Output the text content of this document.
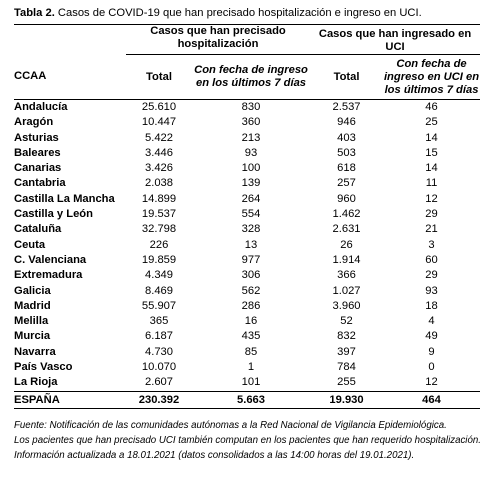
Tabla 2. Casos de COVID-19 que han precisado hospitalización e ingreso en UCI.
	Casos que han precisado hospitalización		Casos que han ingresado en UCI	
CCAA	Total	Con fecha de ingreso en los últimos 7 días	Total	Con fecha de ingreso en UCI en los últimos 7 días
Andalucía	25.610	830	2.537	46
Aragón	10.447	360	946	25
Asturias	5.422	213	403	14
Baleares	3.446	93	503	15
Canarias	3.426	100	618	14
Cantabria	2.038	139	257	11
Castilla La Mancha	14.899	264	960	12
Castilla y León	19.537	554	1.462	29
Cataluña	32.798	328	2.631	21
Ceuta	226	13	26	3
C. Valenciana	19.859	977	1.914	60
Extremadura	4.349	306	366	29
Galicia	8.469	562	1.027	93
Madrid	55.907	286	3.960	18
Melilla	365	16	52	4
Murcia	6.187	435	832	49
Navarra	4.730	85	397	9
País Vasco	10.070	1	784	0
La Rioja	2.607	101	255	12
ESPAÑA	230.392	5.663	19.930	464
Fuente: Notificación de las comunidades autónomas a la Red Nacional de Vigilancia Epidemiológica.
Los pacientes que han precisado UCI también computan en los pacientes que han requerido hospitalización.
Información actualizada a 18.01.2021 (datos consolidados a las 14:00 horas del 19.01.2021).
